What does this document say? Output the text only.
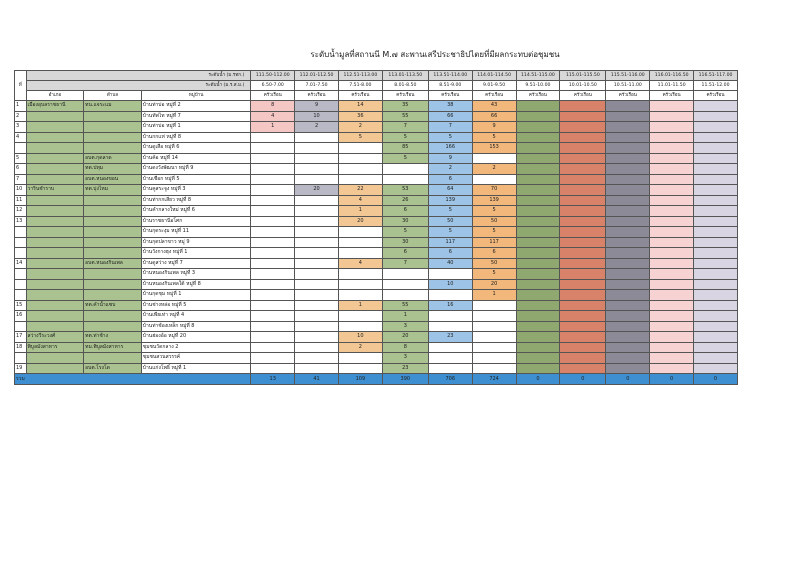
ระดับน้ำมูลที่สถานนี M.๗ สะพานเสรีประชาธิปไตยที่มีผลกระทบต่อชุมชน
ที่	ระดับน้ำ (ม.รทก.)			111.50-112.00	112.01-112.50	112.51-113.00	113.01-113.50	113.51-114.00	114.01-114.50	114.51-115.00	115.01-115.50	115.51-116.00	116.01-116.50	116.51-117.00
	ระดับน้ำ (ม.ร.ส.ม.)			6.50-7.00	7.01-7.50	7.51-8.00	8.01-8.50	8.51-9.00	9.01-9.50	9.51-10.00	10.01-10.50	10.51-11.00	11.01-11.50	11.51-12.00
	อำเภอ	ตำบล	หมู่บ้าน	ครัวเรือน	ครัวเรือน	ครัวเรือน	ครัวเรือน	ครัวเรือน	ครัวเรือน	ครัวเรือน	ครัวเรือน	ครัวเรือน	ครัวเรือน	ครัวเรือน
1	เมืองอุบลราชธานี	ทน.แจระแม	บ้านท่าบ่อ หมู่ที่ 2	8	9	14	35	38	43					
2			บ้านทัพไท หมู่ที่ 7	4	10	36	55	66	66					
3			บ้านท่าบ่อ หมู่ที่ 1	1	2	2	7	7	9					
4			บ้านกกแห่ หมู่ที่ 8			5	5	5	5					
			บ้านดูเสือ หมู่ที่ 6				85	166	153					
5		อบต.กุดลาด	บ้านค้อ หมู่ที่ 14				5	9						
6		ทต.ปทุม	บ้านดงวังพัฒนา หมู่ที่ 9					2	2					
7		อบต.หนองขอน	บ้านเชือก หมู่ที่ 5					6						
10	วารินชำราบ	ทต.บุ่งไหม	บ้านคูสระจูง หมู่ที่ 3		20	22	53	64	70					
11			บ้านท่ากกเสียว หมู่ที่ 8			4	26	139	139					
12			บ้านคำกลางใหม่ หมู่ที่ 6			1	6	5	5					
13			บ้านราชธานีอโศก			20	30	50	50					
			บ้านกุดระงุม หมู่ที่ 11				5	5	5					
			บ้านกุดปลาขาว หมู่ 9				30	117	117					
			บ้านวังกางฮุง หมู่ที่ 1				6	6	6					
14		อบต.หนองกินเพล	บ้านดูสว่าง หมู่ที่ 7			4	7	40	50					
			บ้านหนองกินเพล หมู่ที่ 3						5					
			บ้านหนองกินเพลใต้ หมู่ที่ 8					10	20					
			บ้านกุดชุม หมู่ที่ 1						1					
15		ทต.คำน้ำแซบ	บ้านช่างหล่อ หมู่ที่ 5			1	55	16						
16			บ้านเพียเท่า หมู่ที่ 4				1							
			บ้านท่าช้องเหล็ก หมู่ที่ 8				3							
17	สว่างวีระวงศ์	ทต.ท่าช้าง	บ้านฮ่องอ้อ หมู่ที่ 20			10	20	23						
18	พิบูลมังสาหาร	ทม.พิบูลมังสาหาร	ชุมชนวัดกลาง 2			2	8							
			ชุมชนสวนสวรรค์				3							
19		อบต.โรงโด	บ้านแก่งโพธิ์ หมู่ที่ 1				23							
รวม				13	41	109	390	706	724	0	0	0	0	0
